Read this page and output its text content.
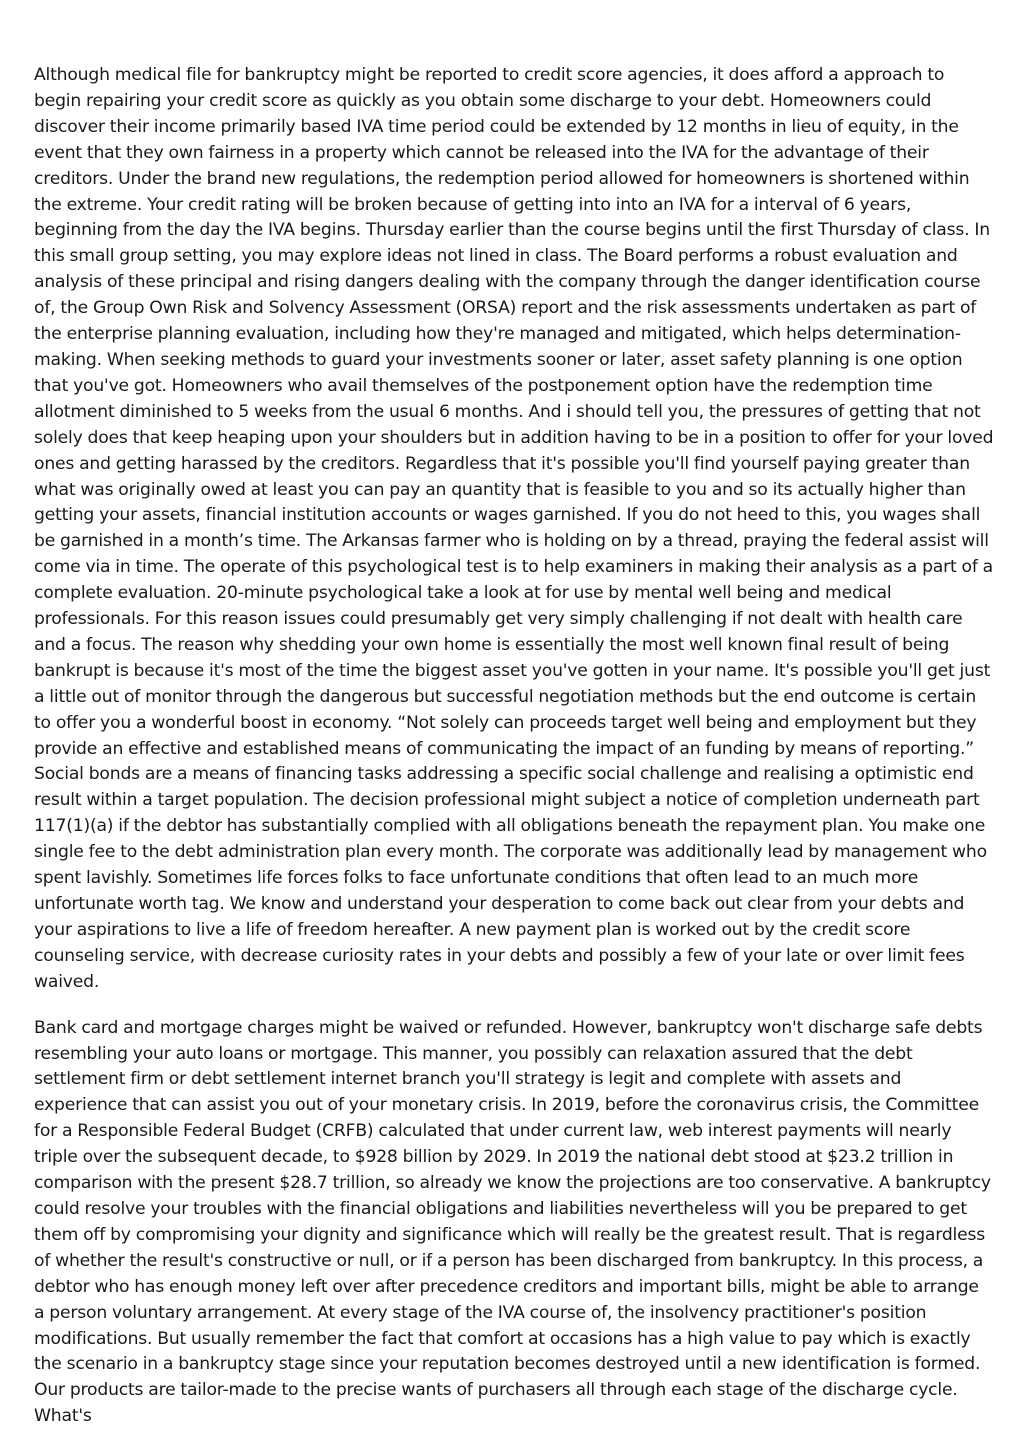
Although medical file for bankruptcy might be reported to credit score agencies, it does afford a approach to begin repairing your credit score as quickly as you obtain some discharge to your debt. Homeowners could discover their income primarily based IVA time period could be extended by 12 months in lieu of equity, in the event that they own fairness in a property which cannot be released into the IVA for the advantage of their creditors. Under the brand new regulations, the redemption period allowed for homeowners is shortened within the extreme. Your credit rating will be broken because of getting into into an IVA for a interval of 6 years, beginning from the day the IVA begins. Thursday earlier than the course begins until the first Thursday of class. In this small group setting, you may explore ideas not lined in class. The Board performs a robust evaluation and analysis of these principal and rising dangers dealing with the company through the danger identification course of, the Group Own Risk and Solvency Assessment (ORSA) report and the risk assessments undertaken as part of the enterprise planning evaluation, including how they're managed and mitigated, which helps determination-making. When seeking methods to guard your investments sooner or later, asset safety planning is one option that you've got. Homeowners who avail themselves of the postponement option have the redemption time allotment diminished to 5 weeks from the usual 6 months. And i should tell you, the pressures of getting that not solely does that keep heaping upon your shoulders but in addition having to be in a position to offer for your loved ones and getting harassed by the creditors. Regardless that it's possible you'll find yourself paying greater than what was originally owed at least you can pay an quantity that is feasible to you and so its actually higher than getting your assets, financial institution accounts or wages garnished. If you do not heed to this, you wages shall be garnished in a month’s time. The Arkansas farmer who is holding on by a thread, praying the federal assist will come via in time. The operate of this psychological test is to help examiners in making their analysis as a part of a complete evaluation. 20-minute psychological take a look at for use by mental well being and medical professionals. For this reason issues could presumably get very simply challenging if not dealt with health care and a focus. The reason why shedding your own home is essentially the most well known final result of being bankrupt is because it's most of the time the biggest asset you've gotten in your name. It's possible you'll get just a little out of monitor through the dangerous but successful negotiation methods but the end outcome is certain to offer you a wonderful boost in economy. “Not solely can proceeds target well being and employment but they provide an effective and established means of communicating the impact of an funding by means of reporting.” Social bonds are a means of financing tasks addressing a specific social challenge and realising a optimistic end result within a target population. The decision professional might subject a notice of completion underneath part 117(1)(a) if the debtor has substantially complied with all obligations beneath the repayment plan. You make one single fee to the debt administration plan every month. The corporate was additionally lead by management who spent lavishly. Sometimes life forces folks to face unfortunate conditions that often lead to an much more unfortunate worth tag. We know and understand your desperation to come back out clear from your debts and your aspirations to live a life of freedom hereafter. A new payment plan is worked out by the credit score counseling service, with decrease curiosity rates in your debts and possibly a few of your late or over limit fees waived.

Bank card and mortgage charges might be waived or refunded. However, bankruptcy won't discharge safe debts resembling your auto loans or mortgage. This manner, you possibly can relaxation assured that the debt settlement firm or debt settlement internet branch you'll strategy is legit and complete with assets and experience that can assist you out of your monetary crisis. In 2019, before the coronavirus crisis, the Committee for a Responsible Federal Budget (CRFB) calculated that under current law, web interest payments will nearly triple over the subsequent decade, to $928 billion by 2029. In 2019 the national debt stood at $23.2 trillion in comparison with the present $28.7 trillion, so already we know the projections are too conservative. A bankruptcy could resolve your troubles with the financial obligations and liabilities nevertheless will you be prepared to get them off by compromising your dignity and significance which will really be the greatest result. That is regardless of whether the result's constructive or null, or if a person has been discharged from bankruptcy. In this process, a debtor who has enough money left over after precedence creditors and important bills, might be able to arrange a person voluntary arrangement. At every stage of the IVA course of, the insolvency practitioner's position modifications. But usually remember the fact that comfort at occasions has a high value to pay which is exactly the scenario in a bankruptcy stage since your reputation becomes destroyed until a new identification is formed. Our products are tailor-made to the precise wants of purchasers all through each stage of the discharge cycle. What's
